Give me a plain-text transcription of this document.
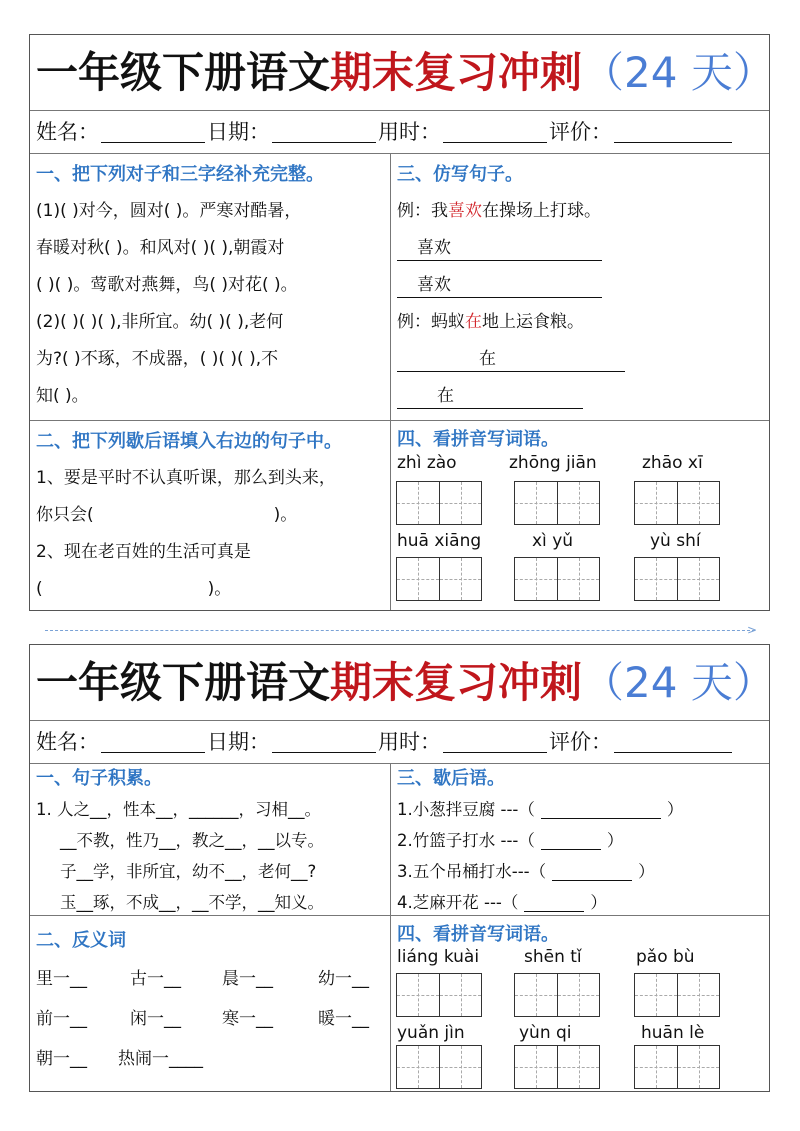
一年级下册语文期末复习冲刺（24 天）
姓名：	日期：	用时：	评价：
一、把下列对子和三字经补充完整。
(1)( )对今，圆对( )。严寒对酷暑，
春暖对秋( )。和风对( )( ),朝霞对
( )( )。莺歌对燕舞，鸟( )对花( )。
(2)( )( )( ),非所宜。幼( )( ),老何
为?( )不琢，不成器，( )( )( ),不
知( )。
三、仿写句子。
例：我喜欢在操场上打球。
喜欢
喜欢
例：蚂蚁在地上运食粮。
在
在
二、把下列歇后语填入右边的句子中。
1、要是平时不认真听课，那么到头来，
你只会(	)。
2、现在老百姓的生活可真是
(	)。
四、看拼音写词语。
zhì zào	zhōng jiān	zhāo xī
huā xiāng	xì yǔ	yù shí
>
一年级下册语文期末复习冲刺（24 天）
姓名：	日期：	用时：	评价：
一、句子积累。
1. 人之__，性本__，______，习相__。
__不教，性乃__，教之__，__以专。
子__学，非所宜，幼不__，老何__?
玉__琢，不成__，__不学，__知义。
三、歇后语。
1.小葱拌豆腐 ---（	）
2.竹篮子打水 ---（	）
3.五个吊桶打水---（	）
4.芝麻开花 ---（	）
二、反义词
里一__	古一__ 晨一__	幼一__
前一__	闲一__ 寒一__	暖一__
朝一__ 热闹一____
四、看拼音写词语。
liáng kuài	shēn tǐ	pǎo bù
yuǎn jìn	yùn qi	huān lè
